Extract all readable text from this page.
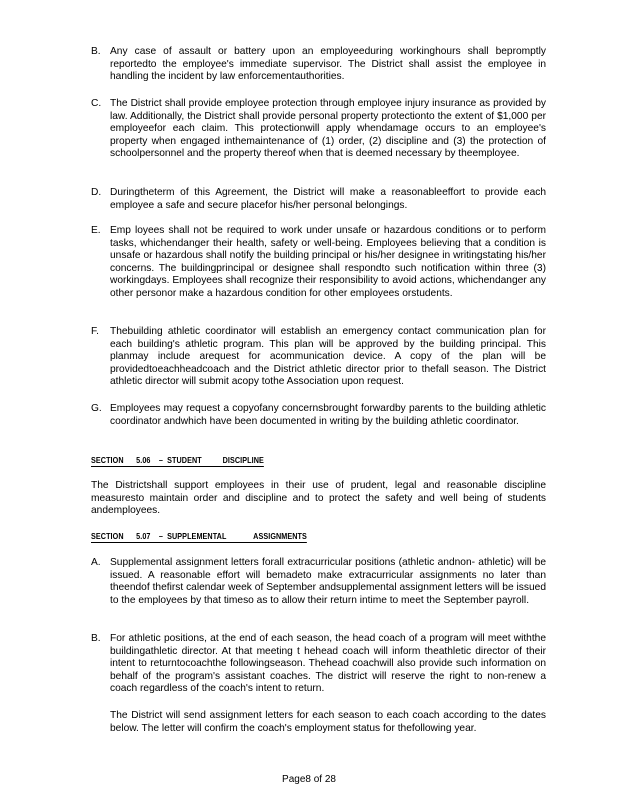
B. Any case of assault or battery upon an employeeduring workinghours shall bepromptly reportedto the employee's immediate supervisor. The District shall assist the employee in handling the incident by law enforcementauthorities.
C. The District shall provide employee protection through employee injury insurance as provided by law. Additionally, the District shall provide personal property protectionto the extent of $1,000 per employeefor each claim. This protectionwill apply whendamage occurs to an employee's property when engaged inthemaintenance of (1) order, (2) discipline and (3) the protection of schoolpersonnel and the property thereof when that is deemed necessary by theemployee.
D. Duringtheterm of this Agreement, the District will make a reasonableeffort to provide each employee a safe and secure placefor his/her personal belongings.
E. Emp loyees shall not be required to work under unsafe or hazardous conditions or to perform tasks, whichendanger their health, safety or well-being. Employees believing that a condition is unsafe or hazardous shall notify the building principal or his/her designee in writingstating his/her concerns. The buildingprincipal or designee shall respondto such notification within three (3) workingdays. Employees shall recognize their responsibility to avoid actions, whichendanger any other personor make a hazardous condition for other employees orstudents.
F. Thebuilding athletic coordinator will establish an emergency contact communication plan for each building's athletic program. This plan will be approved by the building principal. This planmay include arequest for acommunication device. A copy of the plan will be providedtoeachheadcoach and the District athletic director prior to thefall season. The District athletic director will submit acopy tothe Association upon request.
G. Employees may request a copyofany concernsbrought forwardby parents to the building athletic coordinator andwhich have been documented in writing by the building athletic coordinator.
SECTION      5.06    –  STUDENT          DISCIPLINE
The Districtshall support employees in their use of prudent, legal and reasonable discipline measuresto maintain order and discipline and to protect the safety and well being of students andemployees.
SECTION      5.07    –  SUPPLEMENTAL             ASSIGNMENTS
A. Supplemental assignment letters forall extracurricular positions (athletic andnon- athletic) will be issued. A reasonable effort will bemadeto make extracurricular assignments no later than theendof thefirst calendar week of September andsupplemental assignment letters will be issued to the employees by that timeso as to allow their return intime to meet the September payroll.
B. For athletic positions, at the end of each season, the head coach of a program will meet withthe buildingathletic director. At that meeting t hehead coach will inform theathletic director of their intent to returntocoachthe followingseason. Thehead coachwill also provide such information on behalf of the program's assistant coaches. The district will reserve the right to non-renew a coach regardless of the coach's intent to return.
The District will send assignment letters for each season to each coach according to the dates below. The letter will confirm the coach's employment status for thefollowing year.
Page8 of 28
